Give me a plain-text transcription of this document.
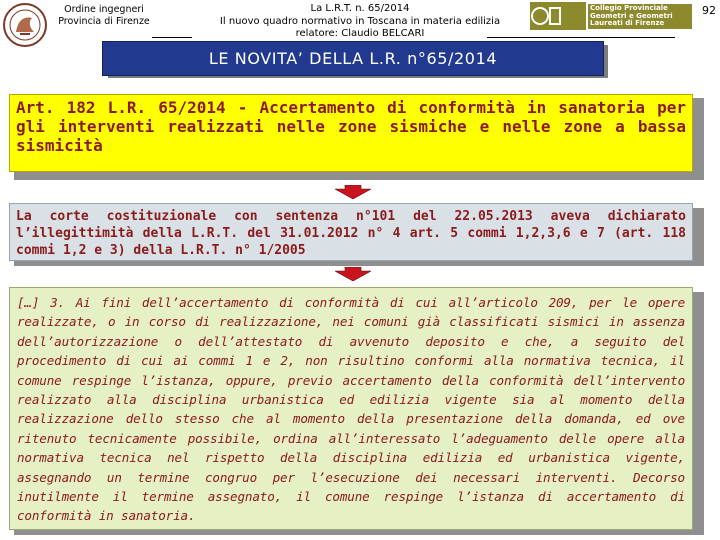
Ordine ingegneri
Provincia di Firenze
La L.R.T. n. 65/2014
Il nuovo quadro normativo in Toscana in materia edilizia
relatore: Claudio BELCARI
Collegio Provinciale Geometri e Geometri Laureati di Firenze
92
LE NOVITA’ DELLA L.R. n°65/2014
Art. 182 L.R. 65/2014 - Accertamento di conformità in sanatoria per gli interventi realizzati nelle zone sismiche e nelle zone a bassa sismicità
La corte costituzionale con sentenza n°101 del 22.05.2013 aveva dichiarato l’illegittimità della L.R.T. del 31.01.2012 n° 4 art. 5 commi 1,2,3,6 e 7 (art. 118 commi 1,2 e 3) della L.R.T. n° 1/2005
[…] 3. Ai fini dell’accertamento di conformità di cui all’articolo 209, per le opere realizzate, o in corso di realizzazione, nei comuni già classificati sismici in assenza dell’autorizzazione o dell’attestato di avvenuto deposito e che, a seguito del procedimento di cui ai commi 1 e 2, non risultino conformi alla normativa tecnica, il comune respinge l’istanza, oppure, previo accertamento della conformità dell’intervento realizzato alla disciplina urbanistica ed edilizia vigente sia al momento della realizzazione dello stesso che al momento della presentazione della domanda, ed ove ritenuto tecnicamente possibile, ordina all’interessato l’adeguamento delle opere alla normativa tecnica nel rispetto della disciplina edilizia ed urbanistica vigente, assegnando un termine congruo per l’esecuzione dei necessari interventi. Decorso inutilmente il termine assegnato, il comune respinge l’istanza di accertamento di conformità in sanatoria.
